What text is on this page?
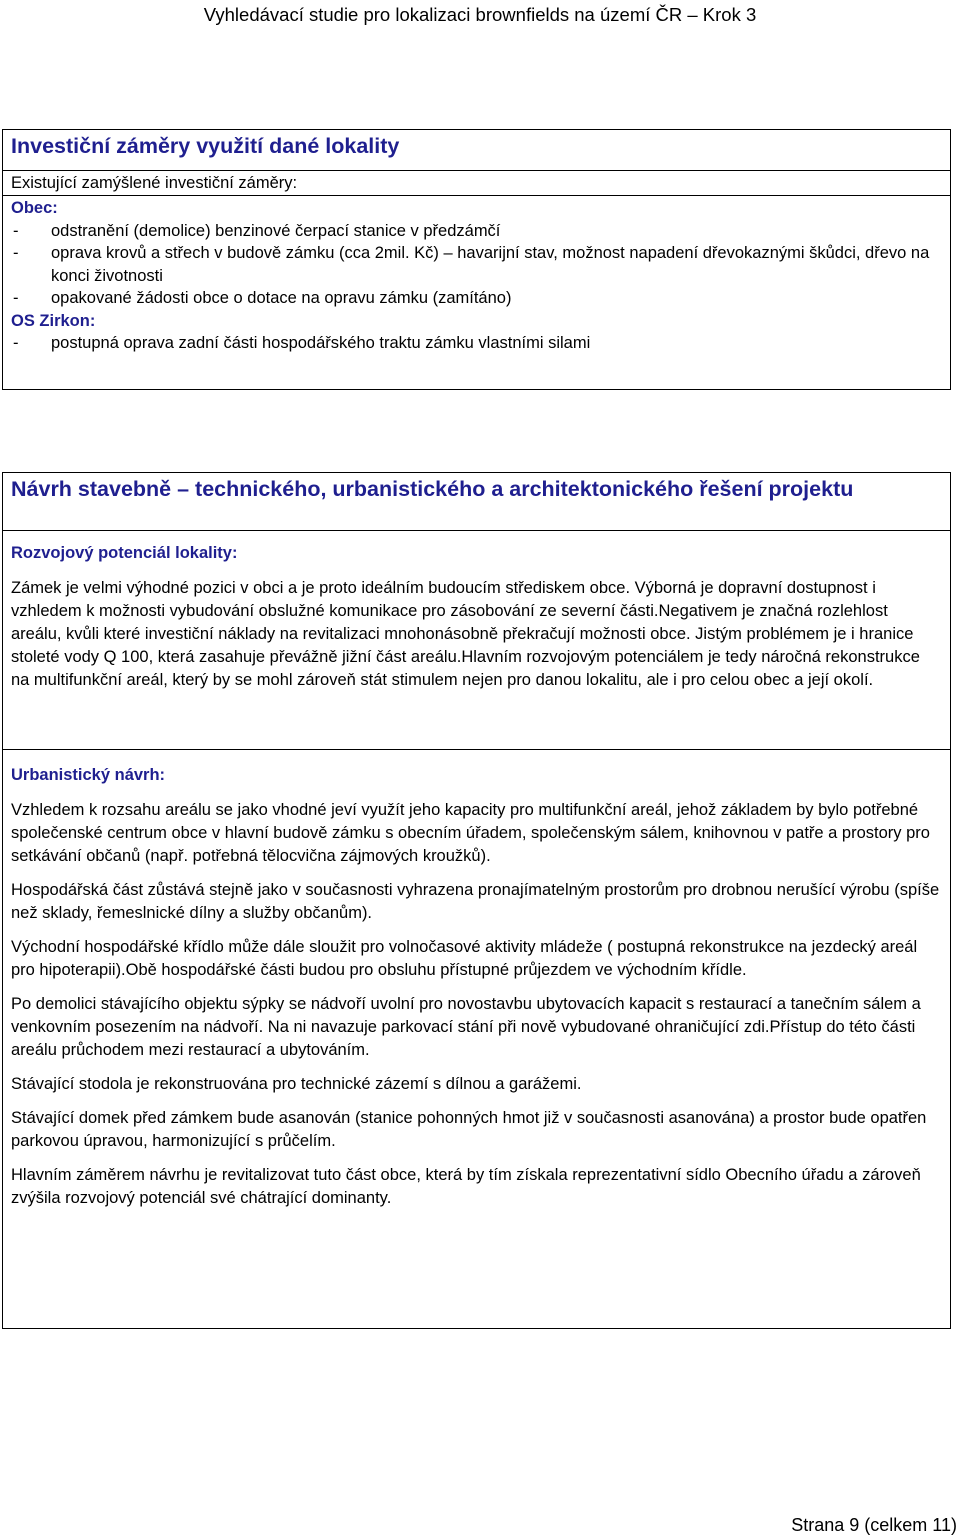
Vyhledávací studie pro lokalizaci brownfields na území ČR – Krok 3
Investiční záměry využití dané lokality
Existující zamýšlené investiční záměry:
Obec:
- odstranění (demolice) benzinové čerpací stanice v předzámčí
- oprava krovů a střech v budově zámku (cca 2mil. Kč) – havarijní stav, možnost napadení dřevokaznými škůdci, dřevo na konci životnosti
- opakované žádosti obce o dotace na opravu zámku (zamítáno)
OS Zirkon:
- postupná oprava zadní části hospodářského traktu zámku vlastními silami
Návrh stavebně – technického, urbanistického a architektonického řešení projektu
Rozvojový potenciál lokality:

Zámek je velmi výhodné pozici v obci a je proto ideálním budoucím střediskem obce. Výborná je dopravní dostupnost i vzhledem k možnosti vybudování obslužné komunikace pro zásobování ze severní části.Negativem je značná rozlehlost areálu, kvůli které investiční náklady na revitalizaci mnohonásobně překračují možnosti obce. Jistým problémem je i hranice stoleté vody Q 100, která zasahuje převážně jižní část areálu.Hlavním rozvojovým potenciálem je tedy náročná rekonstrukce na multifunkční areál, který by se mohl zároveň stát stimulem nejen pro danou lokalitu, ale i pro celou obec a její okolí.

Urbanistický návrh:

Vzhledem k rozsahu areálu se jako vhodné jeví využít jeho kapacity pro multifunkční areál, jehož základem by bylo potřebné společenské centrum obce v hlavní budově zámku s obecním úřadem, společenským sálem, knihovnou v patře a prostory pro setkávání občanů (např. potřebná tělocvična zájmových kroužků).

Hospodářská část zůstává stejně jako v současnosti vyhrazena pronajímatelným prostorům pro drobnou nerušící výrobu (spíše než sklady, řemeslnické dílny a služby občanům).

Východní hospodářské křídlo může dále sloužit pro volnočasové aktivity mládeže ( postupná rekonstrukce na jezdecký areál pro hipoterapii).Obě hospodářské části budou pro obsluhu přístupné průjezdem ve východním křídle.

Po demolici stávajícího objektu sýpky se nádvoří uvolní pro novostavbu ubytovacích kapacit s restaurací a tanečním sálem a venkovním posezením na nádvoří. Na ni navazuje parkovací stání při nově vybudované ohraničující zdi.Přístup do této části areálu průchodem mezi restaurací a ubytováním.

Stávající stodola je rekonstruována pro technické zázemí s dílnou a garážemi.

Stávající domek před zámkem bude asanován (stanice pohonných hmot již v současnosti asanována) a prostor bude opatřen parkovou úpravou, harmonizující s průčelím.

Hlavním záměrem návrhu je revitalizovat tuto část obce, která by tím získala reprezentativní sídlo Obecního úřadu a zároveň zvýšila rozvojový potenciál své chátrající dominanty.

Strana 9 (celkem 11)
